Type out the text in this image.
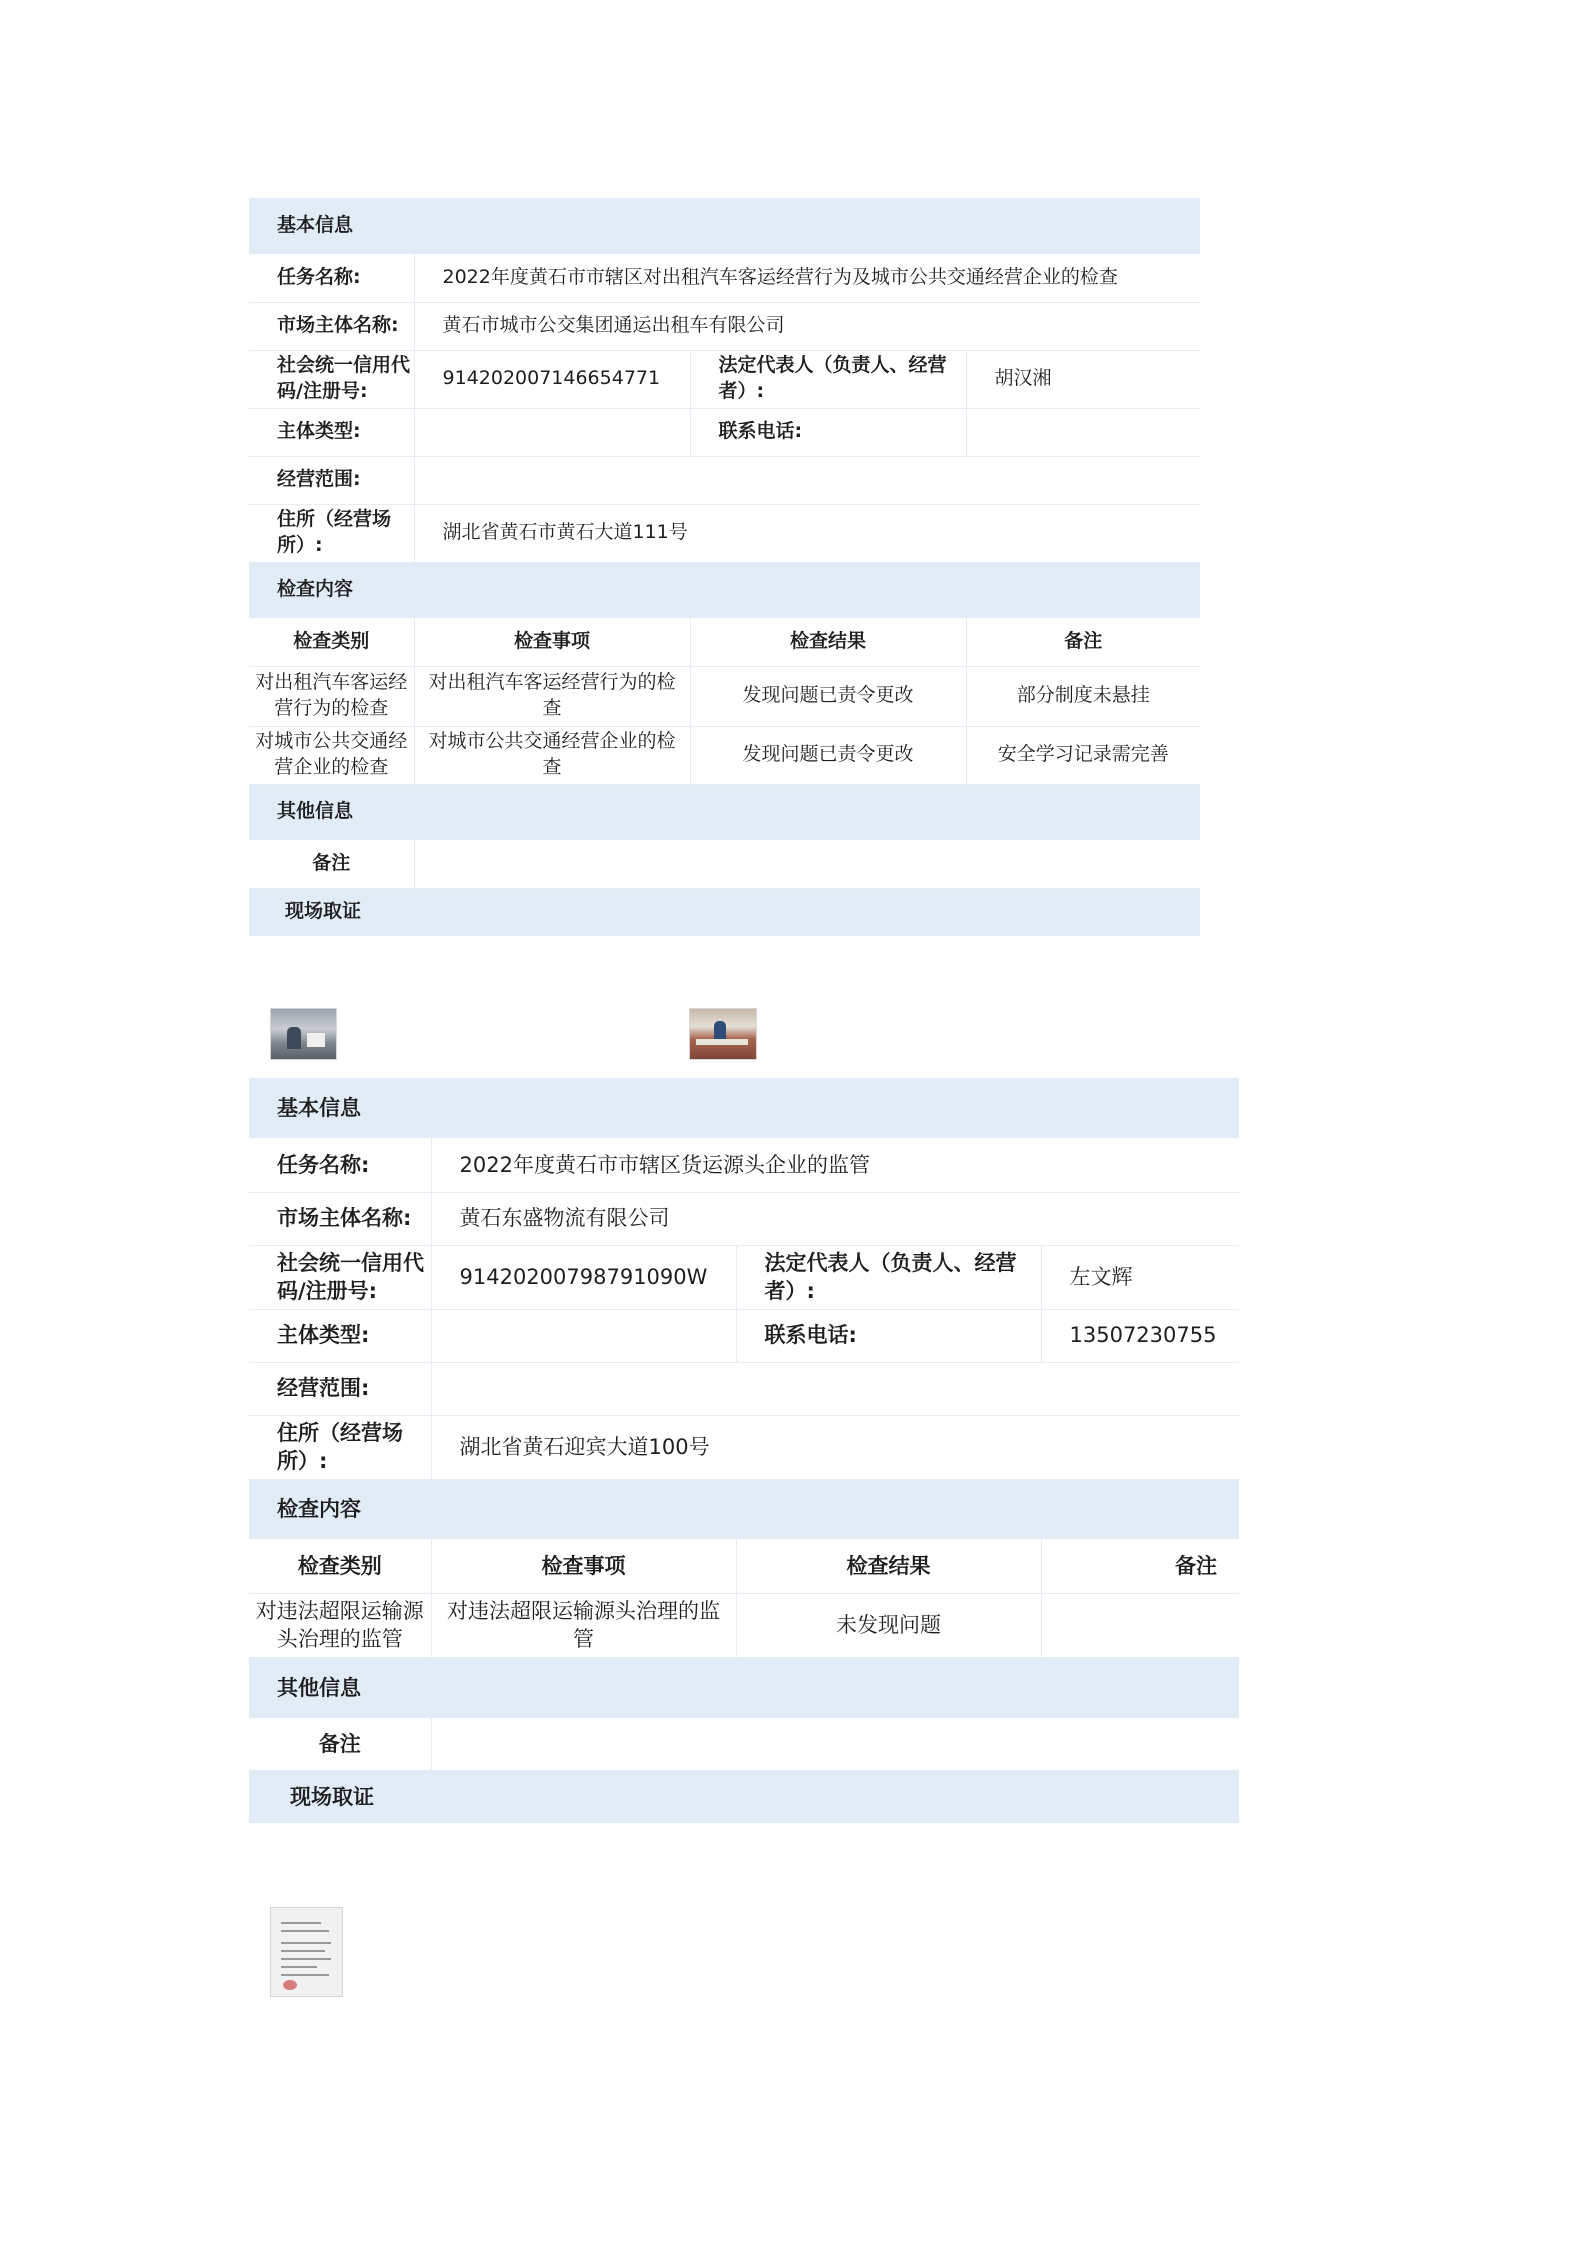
基本信息			
任务名称:	2022年度黄石市市辖区对出租汽车客运经营行为及城市公共交通经营企业的检查		
市场主体名称:	黄石市城市公交集团通运出租车有限公司		
社会统一信用代码/注册号:	914202007146654771	法定代表人（负责人、经营者）:	胡汉湘
主体类型:		联系电话:	
经营范围:			
住所（经营场所）:	湖北省黄石市黄石大道111号		
检查内容			
检查类别	检查事项	检查结果	备注
对出租汽车客运经营行为的检查	对出租汽车客运经营行为的检查	发现问题已责令更改	部分制度未悬挂
对城市公共交通经营企业的检查	对城市公共交通经营企业的检查	发现问题已责令更改	安全学习记录需完善
其他信息			
备注			
现场取证			
基本信息			
任务名称:	2022年度黄石市市辖区货运源头企业的监管		
市场主体名称:	黄石东盛物流有限公司		
社会统一信用代码/注册号:	91420200798791090W	法定代表人（负责人、经营者）:	左文辉
主体类型:		联系电话:	13507230755
经营范围:			
住所（经营场所）:	湖北省黄石迎宾大道100号		
检查内容			
检查类别	检查事项	检查结果	备注
对违法超限运输源头治理的监管	对违法超限运输源头治理的监管	未发现问题	
其他信息			
备注			
现场取证			
